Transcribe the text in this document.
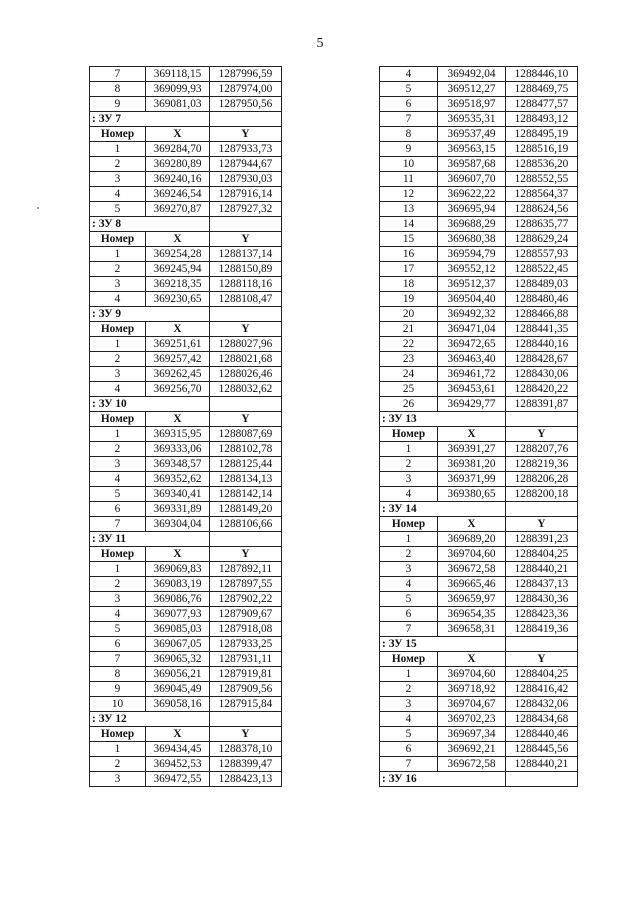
5
7	369118,15	1287996,59
8	369099,93	1287974,00
9	369081,03	1287950,56
: ЗУ 7		
Номер	X	Y
1	369284,70	1287933,73
2	369280,89	1287944,67
3	369240,16	1287930,03
4	369246,54	1287916,14
5	369270,87	1287927,32
: ЗУ 8		
Номер	X	Y
1	369254,28	1288137,14
2	369245,94	1288150,89
3	369218,35	1288118,16
4	369230,65	1288108,47
: ЗУ 9		
Номер	X	Y
1	369251,61	1288027,96
2	369257,42	1288021,68
3	369262,45	1288026,46
4	369256,70	1288032,62
: ЗУ 10		
Номер	X	Y
1	369315,95	1288087,69
2	369333,06	1288102,78
3	369348,57	1288125,44
4	369352,62	1288134,13
5	369340,41	1288142,14
6	369331,89	1288149,20
7	369304,04	1288106,66
: ЗУ 11		
Номер	X	Y
1	369069,83	1287892,11
2	369083,19	1287897,55
3	369086,76	1287902,22
4	369077,93	1287909,67
5	369085,03	1287918,08
6	369067,05	1287933,25
7	369065,32	1287931,11
8	369056,21	1287919,81
9	369045,49	1287909,56
10	369058,16	1287915,84
: ЗУ 12		
Номер	X	Y
1	369434,45	1288378,10
2	369452,53	1288399,47
3	369472,55	1288423,13
4	369492,04	1288446,10
5	369512,27	1288469,75
6	369518,97	1288477,57
7	369535,31	1288493,12
8	369537,49	1288495,19
9	369563,15	1288516,19
10	369587,68	1288536,20
11	369607,70	1288552,55
12	369622,22	1288564,37
13	369695,94	1288624,56
14	369688,29	1288635,77
15	369680,38	1288629,24
16	369594,79	1288557,93
17	369552,12	1288522,45
18	369512,37	1288489,03
19	369504,40	1288480,46
20	369492,32	1288466,88
21	369471,04	1288441,35
22	369472,65	1288440,16
23	369463,40	1288428,67
24	369461,72	1288430,06
25	369453,61	1288420,22
26	369429,77	1288391,87
: ЗУ 13		
Номер	X	Y
1	369391,27	1288207,76
2	369381,20	1288219,36
3	369371,99	1288206,28
4	369380,65	1288200,18
: ЗУ 14		
Номер	X	Y
1	369689,20	1288391,23
2	369704,60	1288404,25
3	369672,58	1288440,21
4	369665,46	1288437,13
5	369659,97	1288430,36
6	369654,35	1288423,36
7	369658,31	1288419,36
: ЗУ 15		
Номер	X	Y
1	369704,60	1288404,25
2	369718,92	1288416,42
3	369704,67	1288432,06
4	369702,23	1288434,68
5	369697,34	1288440,46
6	369692,21	1288445,56
7	369672,58	1288440,21
: ЗУ 16		
